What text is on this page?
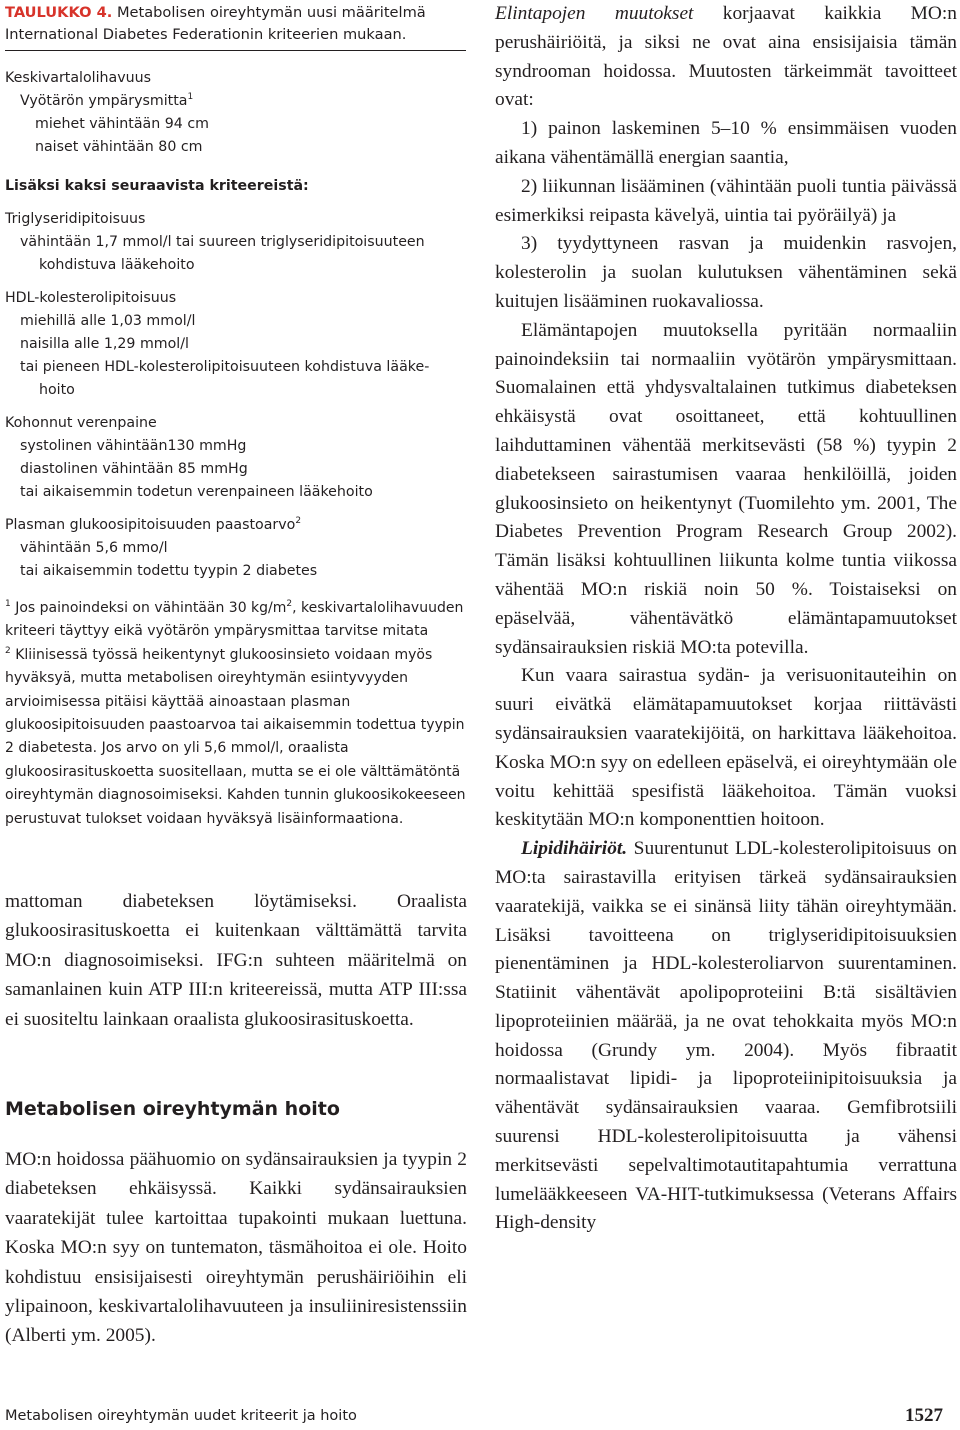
TAULUKKO 4. Metabolisen oireyhtymän uusi määritelmä International Diabetes Federationin kriteerien mukaan.

Keskivartalolihavuus
Vyötärön ympärysmitta$^1$
miehet vähintään 94 cm
naiset vähintään 80 cm
Lisäksi kaksi seuraavista kriteereistä:
Triglyseridipitoisuus
vähintään 1,7 mmol/l tai suureen triglyseridipitoisuuteen
kohdistuva lääkehoito
HDL-kolesterolipitoisuus
miehillä alle 1,03 mmol/l
naisilla alle 1,29 mmol/l
tai pieneen HDL-kolesterolipitoisuuteen kohdistuva lääke-
hoito
Kohonnut verenpaine
systolinen vähintään130 mmHg
diastolinen vähintään 85 mmHg
tai aikaisemmin todetun verenpaineen lääkehoito
Plasman glukoosipitoisuuden paastoarvo$^2$
vähintään 5,6 mmo/l
tai aikaisemmin todettu tyypin 2 diabetes
$^1$ Jos painoindeksi on vähintään 30 $kg/m^2$, keskivartalolihavuuden kriteeri täyttyy eikä vyötärön ympärysmittaa tarvitse mitata
$^2$ Kliinisessä työssä heikentynyt glukoosinsieto voidaan myös hyväksyä, mutta metabolisen oireyhtymän esiintyvyyden arvioimisessa pitäisi käyttää ainoastaan plasman glukoosipitoisuuden paastoarvoa tai aikaisemmin todettua tyypin 2 diabetesta. Jos arvo on yli 5,6 mmol/l, oraalista glukoosirasituskoetta suositellaan, mutta se ei ole välttämätöntä oireyhtymän diagnosoimiseksi. Kahden tunnin glukoosikokeeseen perustuvat tulokset voidaan hyväksyä lisäinformaationa.
mattoman diabeteksen löytämiseksi. Oraalista glukoosirasituskoetta ei kuitenkaan välttämättä tarvita MO:n diagnosoimiseksi. IFG:n suhteen määritelmä on samanlainen kuin ATP III:n kriteereissä, mutta ATP III:ssa ei suositeltu lainkaan oraalista glukoosirasituskoetta.
Metabolisen oireyhtymän hoito
MO:n hoidossa päähuomio on sydänsairauksien ja tyypin 2 diabeteksen ehkäisyssä. Kaikki sydänsairauksien vaaratekijät tulee kartoittaa tupakointi mukaan luettuna. Koska MO:n syy on tuntematon, täsmähoitoa ei ole. Hoito kohdistuu ensisijaisesti oireyhtymän perushäiriöihin eli ylipainoon, keskivartalolihavuuteen ja insuliiniresistenssiin (Alberti ym. 2005).

Elintapojen muutokset korjaavat kaikkia MO:n perushäiriöitä, ja siksi ne ovat aina ensisijaisia tämän syndrooman hoidossa. Muutosten tärkeimmät tavoitteet ovat:

1) painon laskeminen 5–10 % ensimmäisen vuoden aikana vähentämällä energian saantia,

2) liikunnan lisääminen (vähintään puoli tuntia päivässä esimerkiksi reipasta kävelyä, uintia tai pyöräilyä) ja

3) tyydyttyneen rasvan ja muidenkin rasvojen, kolesterolin ja suolan kulutuksen vähentäminen sekä kuitujen lisääminen ruokavaliossa.

Elämäntapojen muutoksella pyritään normaaliin painoindeksiin tai normaaliin vyötärön ympärysmittaan. Suomalainen että yhdysvaltalainen tutkimus diabeteksen ehkäisystä ovat osoittaneet, että kohtuullinen laihduttaminen vähentää merkitsevästi (58 %) tyypin 2 diabetekseen sairastumisen vaaraa henkilöillä, joiden glukoosinsieto on heikentynyt (Tuomilehto ym. 2001, The Diabetes Prevention Program Research Group 2002). Tämän lisäksi kohtuullinen liikunta kolme tuntia viikossa vähentää MO:n riskiä noin 50 %. Toistaiseksi on epäselvää, vähentävätkö elämäntapamuutokset sydänsairauksien riskiä MO:ta potevilla.

Kun vaara sairastua sydän- ja verisuonitauteihin on suuri eivätkä elämätapamuutokset korjaa riittävästi sydänsairauksien vaaratekijöitä, on harkittava lääkehoitoa. Koska MO:n syy on edelleen epäselvä, ei oireyhtymään ole voitu kehittää spesifistä lääkehoitoa. Tämän vuoksi keskitytään MO:n komponenttien hoitoon.

Lipidihäiriöt. Suurentunut LDL-kolesterolipitoisuus on MO:ta sairastavilla erityisen tärkeä sydänsairauksien vaaratekijä, vaikka se ei sinänsä liity tähän oireyhtymään. Lisäksi tavoitteena on triglyseridipitoisuuksien pienentäminen ja HDL-kolesteroliarvon suurentaminen. Statiinit vähentävät apolipoproteiini B:tä sisältävien lipoproteiinien määrää, ja ne ovat tehokkaita myös MO:n hoidossa (Grundy ym. 2004). Myös fibraatit normaalistavat lipidi- ja lipoproteiinipitoisuuksia ja vähentävät sydänsairauksien vaaraa. Gemfibrotsiili suurensi HDL-kolesterolipitoisuutta ja vähensi merkitsevästi sepelvaltimotautitapahtumia verrattuna lumelääkkeeseen VA-HIT-tutkimuksessa (Veterans Affairs High-density

Metabolisen oireyhtymän uudet kriteerit ja hoito	1527
